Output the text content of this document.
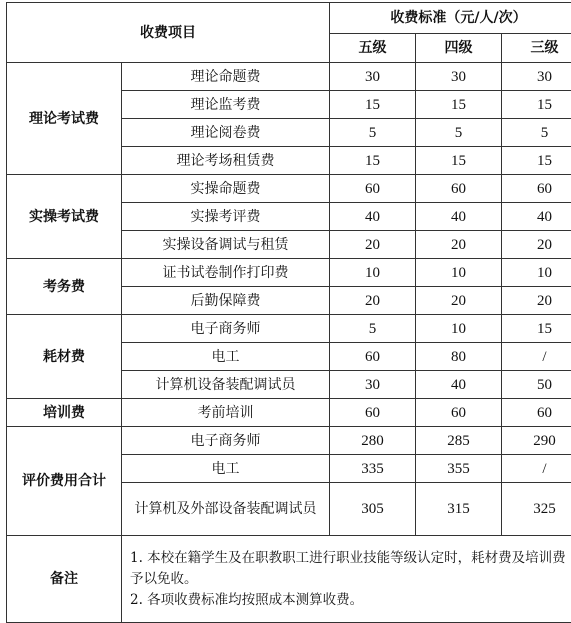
收费项目		收费标准（元/人/次）		
		五级	四级	三级
理论考试费	理论命题费	30	30	30
	理论监考费	15	15	15
	理论阅卷费	5	5	5
	理论考场租赁费	15	15	15
实操考试费	实操命题费	60	60	60
	实操考评费	40	40	40
	实操设备调试与租赁	20	20	20
考务费	证书试卷制作打印费	10	10	10
	后勤保障费	20	20	20
耗材费	电子商务师	5	10	15
	电工	60	80	/
	计算机设备装配调试员	30	40	50
培训费	考前培训	60	60	60
评价费用合计	电子商务师	280	285	290
	电工	335	355	/
	计算机及外部设备装配调试员	305	315	325
备注	1. 本校在籍学生及在职教职工进行职业技能等级认定时，耗材费及培训费予以免收。
2. 各项收费标准均按照成本测算收费。			
